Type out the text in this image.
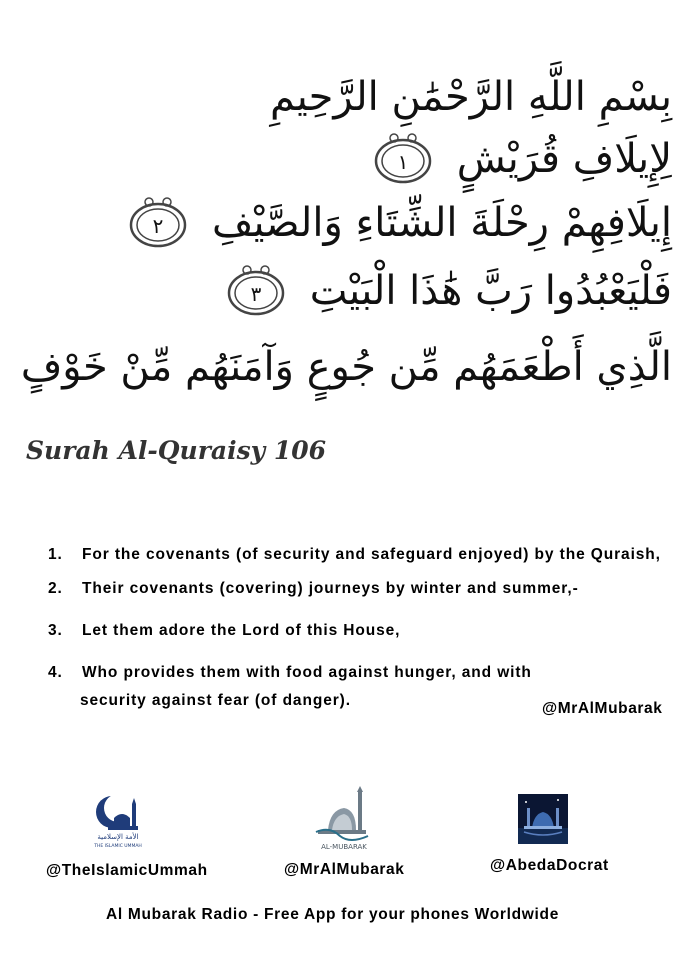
بِسْمِ اللَّهِ الرَّحْمَٰنِ الرَّحِيمِ
لِإِيلَافِ قُرَيْشٍ
١
إِيلَافِهِمْ رِحْلَةَ الشِّتَاءِ وَالصَّيْفِ
٢
فَلْيَعْبُدُوا رَبَّ هَٰذَا الْبَيْتِ
٣
الَّذِي أَطْعَمَهُم مِّن جُوعٍ وَآمَنَهُم مِّنْ خَوْفٍ
Surah Al-Quraisy 106
1. For the covenants (of security and safeguard enjoyed) by the Quraish,
2. Their covenants (covering) journeys by winter and summer,-
3. Let them adore the Lord of this House,
4. Who provides them with food against hunger, and with
security against fear (of danger).	@MrAlMubarak
الأمة الإسلامية
THE ISLAMIC UMMAH	AL-MUBARAK
@TheIslamicUmmah	@MrAlMubarak	@AbedaDocrat
Al Mubarak Radio - Free App for your phones Worldwide
